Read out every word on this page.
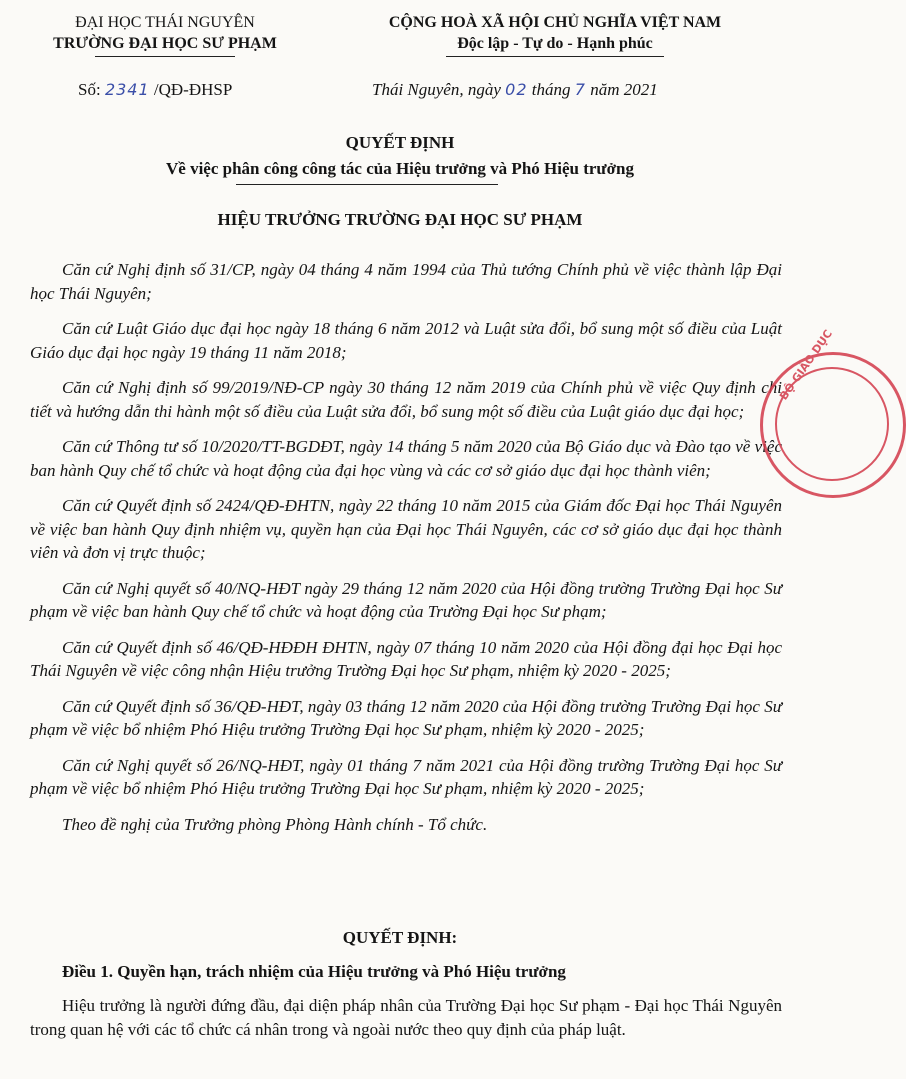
ĐẠI HỌC THÁI NGUYÊN
TRƯỜNG ĐẠI HỌC SƯ PHẠM
CỘNG HOÀ XÃ HỘI CHỦ NGHĨA VIỆT NAM
Độc lập - Tự do - Hạnh phúc
Số: 2341 /QĐ-ĐHSP	Thái Nguyên, ngày 02 tháng 7 năm 2021
QUYẾT ĐỊNH
Về việc phân công công tác của Hiệu trưởng và Phó Hiệu trưởng
HIỆU TRƯỞNG TRƯỜNG ĐẠI HỌC SƯ PHẠM

Căn cứ Nghị định số 31/CP, ngày 04 tháng 4 năm 1994 của Thủ tướng Chính phủ về việc thành lập Đại học Thái Nguyên;

Căn cứ Luật Giáo dục đại học ngày 18 tháng 6 năm 2012 và Luật sửa đổi, bổ sung một số điều của Luật Giáo dục đại học ngày 19 tháng 11 năm 2018;

Căn cứ Nghị định số 99/2019/NĐ-CP ngày 30 tháng 12 năm 2019 của Chính phủ về việc Quy định chi tiết và hướng dẫn thi hành một số điều của Luật sửa đổi, bổ sung một số điều của Luật giáo dục đại học;

Căn cứ Thông tư số 10/2020/TT-BGDĐT, ngày 14 tháng 5 năm 2020 của Bộ Giáo dục và Đào tạo về việc ban hành Quy chế tổ chức và hoạt động của đại học vùng và các cơ sở giáo dục đại học thành viên;

Căn cứ Quyết định số 2424/QĐ-ĐHTN, ngày 22 tháng 10 năm 2015 của Giám đốc Đại học Thái Nguyên về việc ban hành Quy định nhiệm vụ, quyền hạn của Đại học Thái Nguyên, các cơ sở giáo dục đại học thành viên và đơn vị trực thuộc;

Căn cứ Nghị quyết số 40/NQ-HĐT ngày 29 tháng 12 năm 2020 của Hội đồng trường Trường Đại học Sư phạm về việc ban hành Quy chế tổ chức và hoạt động của Trường Đại học Sư phạm;

Căn cứ Quyết định số 46/QĐ-HĐĐH ĐHTN, ngày 07 tháng 10 năm 2020 của Hội đồng đại học Đại học Thái Nguyên về việc công nhận Hiệu trưởng Trường Đại học Sư phạm, nhiệm kỳ 2020 - 2025;

Căn cứ Quyết định số 36/QĐ-HĐT, ngày 03 tháng 12 năm 2020 của Hội đồng trường Trường Đại học Sư phạm về việc bổ nhiệm Phó Hiệu trưởng Trường Đại học Sư phạm, nhiệm kỳ 2020 - 2025;

Căn cứ Nghị quyết số 26/NQ-HĐT, ngày 01 tháng 7 năm 2021 của Hội đồng trường Trường Đại học Sư phạm về việc bổ nhiệm Phó Hiệu trưởng Trường Đại học Sư phạm, nhiệm kỳ 2020 - 2025;

Theo đề nghị của Trưởng phòng Phòng Hành chính - Tổ chức.

QUYẾT ĐỊNH:
Điều 1. Quyền hạn, trách nhiệm của Hiệu trưởng và Phó Hiệu trưởng

Hiệu trưởng là người đứng đầu, đại diện pháp nhân của Trường Đại học Sư phạm - Đại học Thái Nguyên trong quan hệ với các tổ chức cá nhân trong và ngoài nước theo quy định của pháp luật.

BỘ GIÁO DỤC
